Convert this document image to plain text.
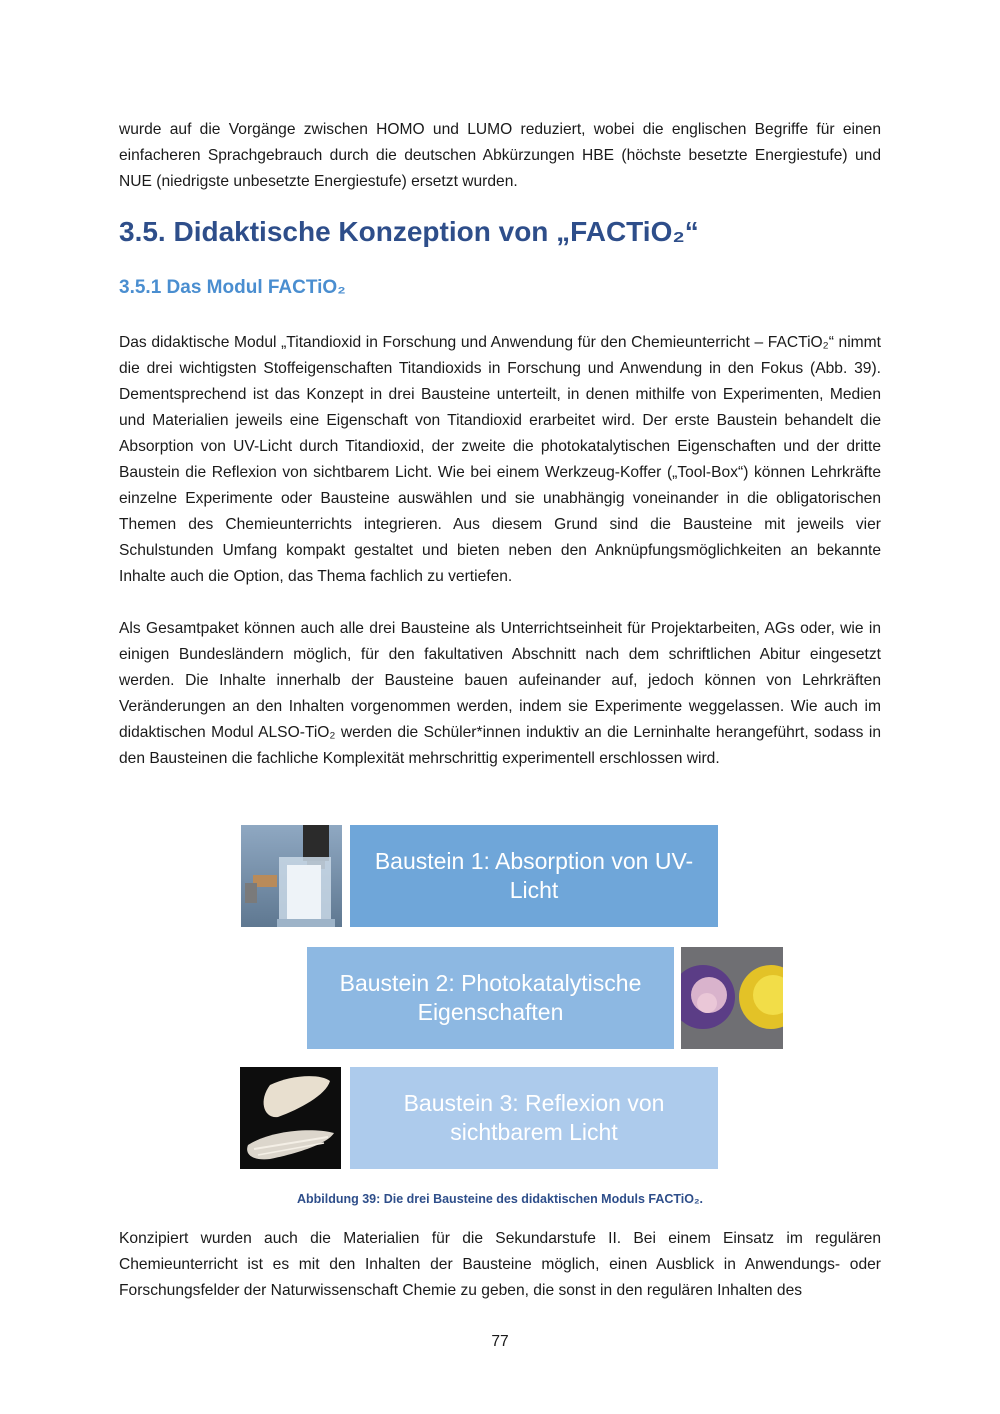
wurde auf die Vorgänge zwischen HOMO und LUMO reduziert, wobei die englischen Begriffe für einen einfacheren Sprachgebrauch durch die deutschen Abkürzungen HBE (höchste besetzte Energiestufe) und NUE (niedrigste unbesetzte Energiestufe) ersetzt wurden.

3.5. Didaktische Konzeption von „FACTiO₂“
3.5.1 Das Modul FACTiO₂

Das didaktische Modul „Titandioxid in Forschung und Anwendung für den Chemieunterricht – FACTiO₂“ nimmt die drei wichtigsten Stoffeigenschaften Titandioxids in Forschung und Anwendung in den Fokus (Abb. 39). Dementsprechend ist das Konzept in drei Bausteine unterteilt, in denen mithilfe von Experimenten, Medien und Materialien jeweils eine Eigenschaft von Titandioxid erarbeitet wird. Der erste Baustein behandelt die Absorption von UV-Licht durch Titandioxid, der zweite die photokatalytischen Eigenschaften und der dritte Baustein die Reflexion von sichtbarem Licht. Wie bei einem Werkzeug-Koffer („Tool-Box“) können Lehrkräfte einzelne Experimente oder Bausteine auswählen und sie unabhängig voneinander in die obligatorischen Themen des Chemieunterrichts integrieren. Aus diesem Grund sind die Bausteine mit jeweils vier Schulstunden Umfang kompakt gestaltet und bieten neben den Anknüpfungsmöglichkeiten an bekannte Inhalte auch die Option, das Thema fachlich zu vertiefen.

Als Gesamtpaket können auch alle drei Bausteine als Unterrichtseinheit für Projektarbeiten, AGs oder, wie in einigen Bundesländern möglich, für den fakultativen Abschnitt nach dem schriftlichen Abitur eingesetzt werden. Die Inhalte innerhalb der Bausteine bauen aufeinander auf, jedoch können von Lehrkräften Veränderungen an den Inhalten vorgenommen werden, indem sie Experimente weggelassen. Wie auch im didaktischen Modul ALSO-TiO₂ werden die Schüler*innen induktiv an die Lerninhalte herangeführt, sodass in den Bausteinen die fachliche Komplexität mehrschrittig experimentell erschlossen wird.

Konzipiert wurden auch die Materialien für die Sekundarstufe II. Bei einem Einsatz im regulären Chemieunterricht ist es mit den Inhalten der Bausteine möglich, einen Ausblick in Anwendungs- oder Forschungsfelder der Naturwissenschaft Chemie zu geben, die sonst in den regulären Inhalten des

Baustein 1: Absorption von UV-Licht
Baustein 2: Photokatalytische Eigenschaften
Baustein 3: Reflexion von sichtbarem Licht

Abbildung 39: Die drei Bausteine des didaktischen Moduls FACTiO₂.

77
